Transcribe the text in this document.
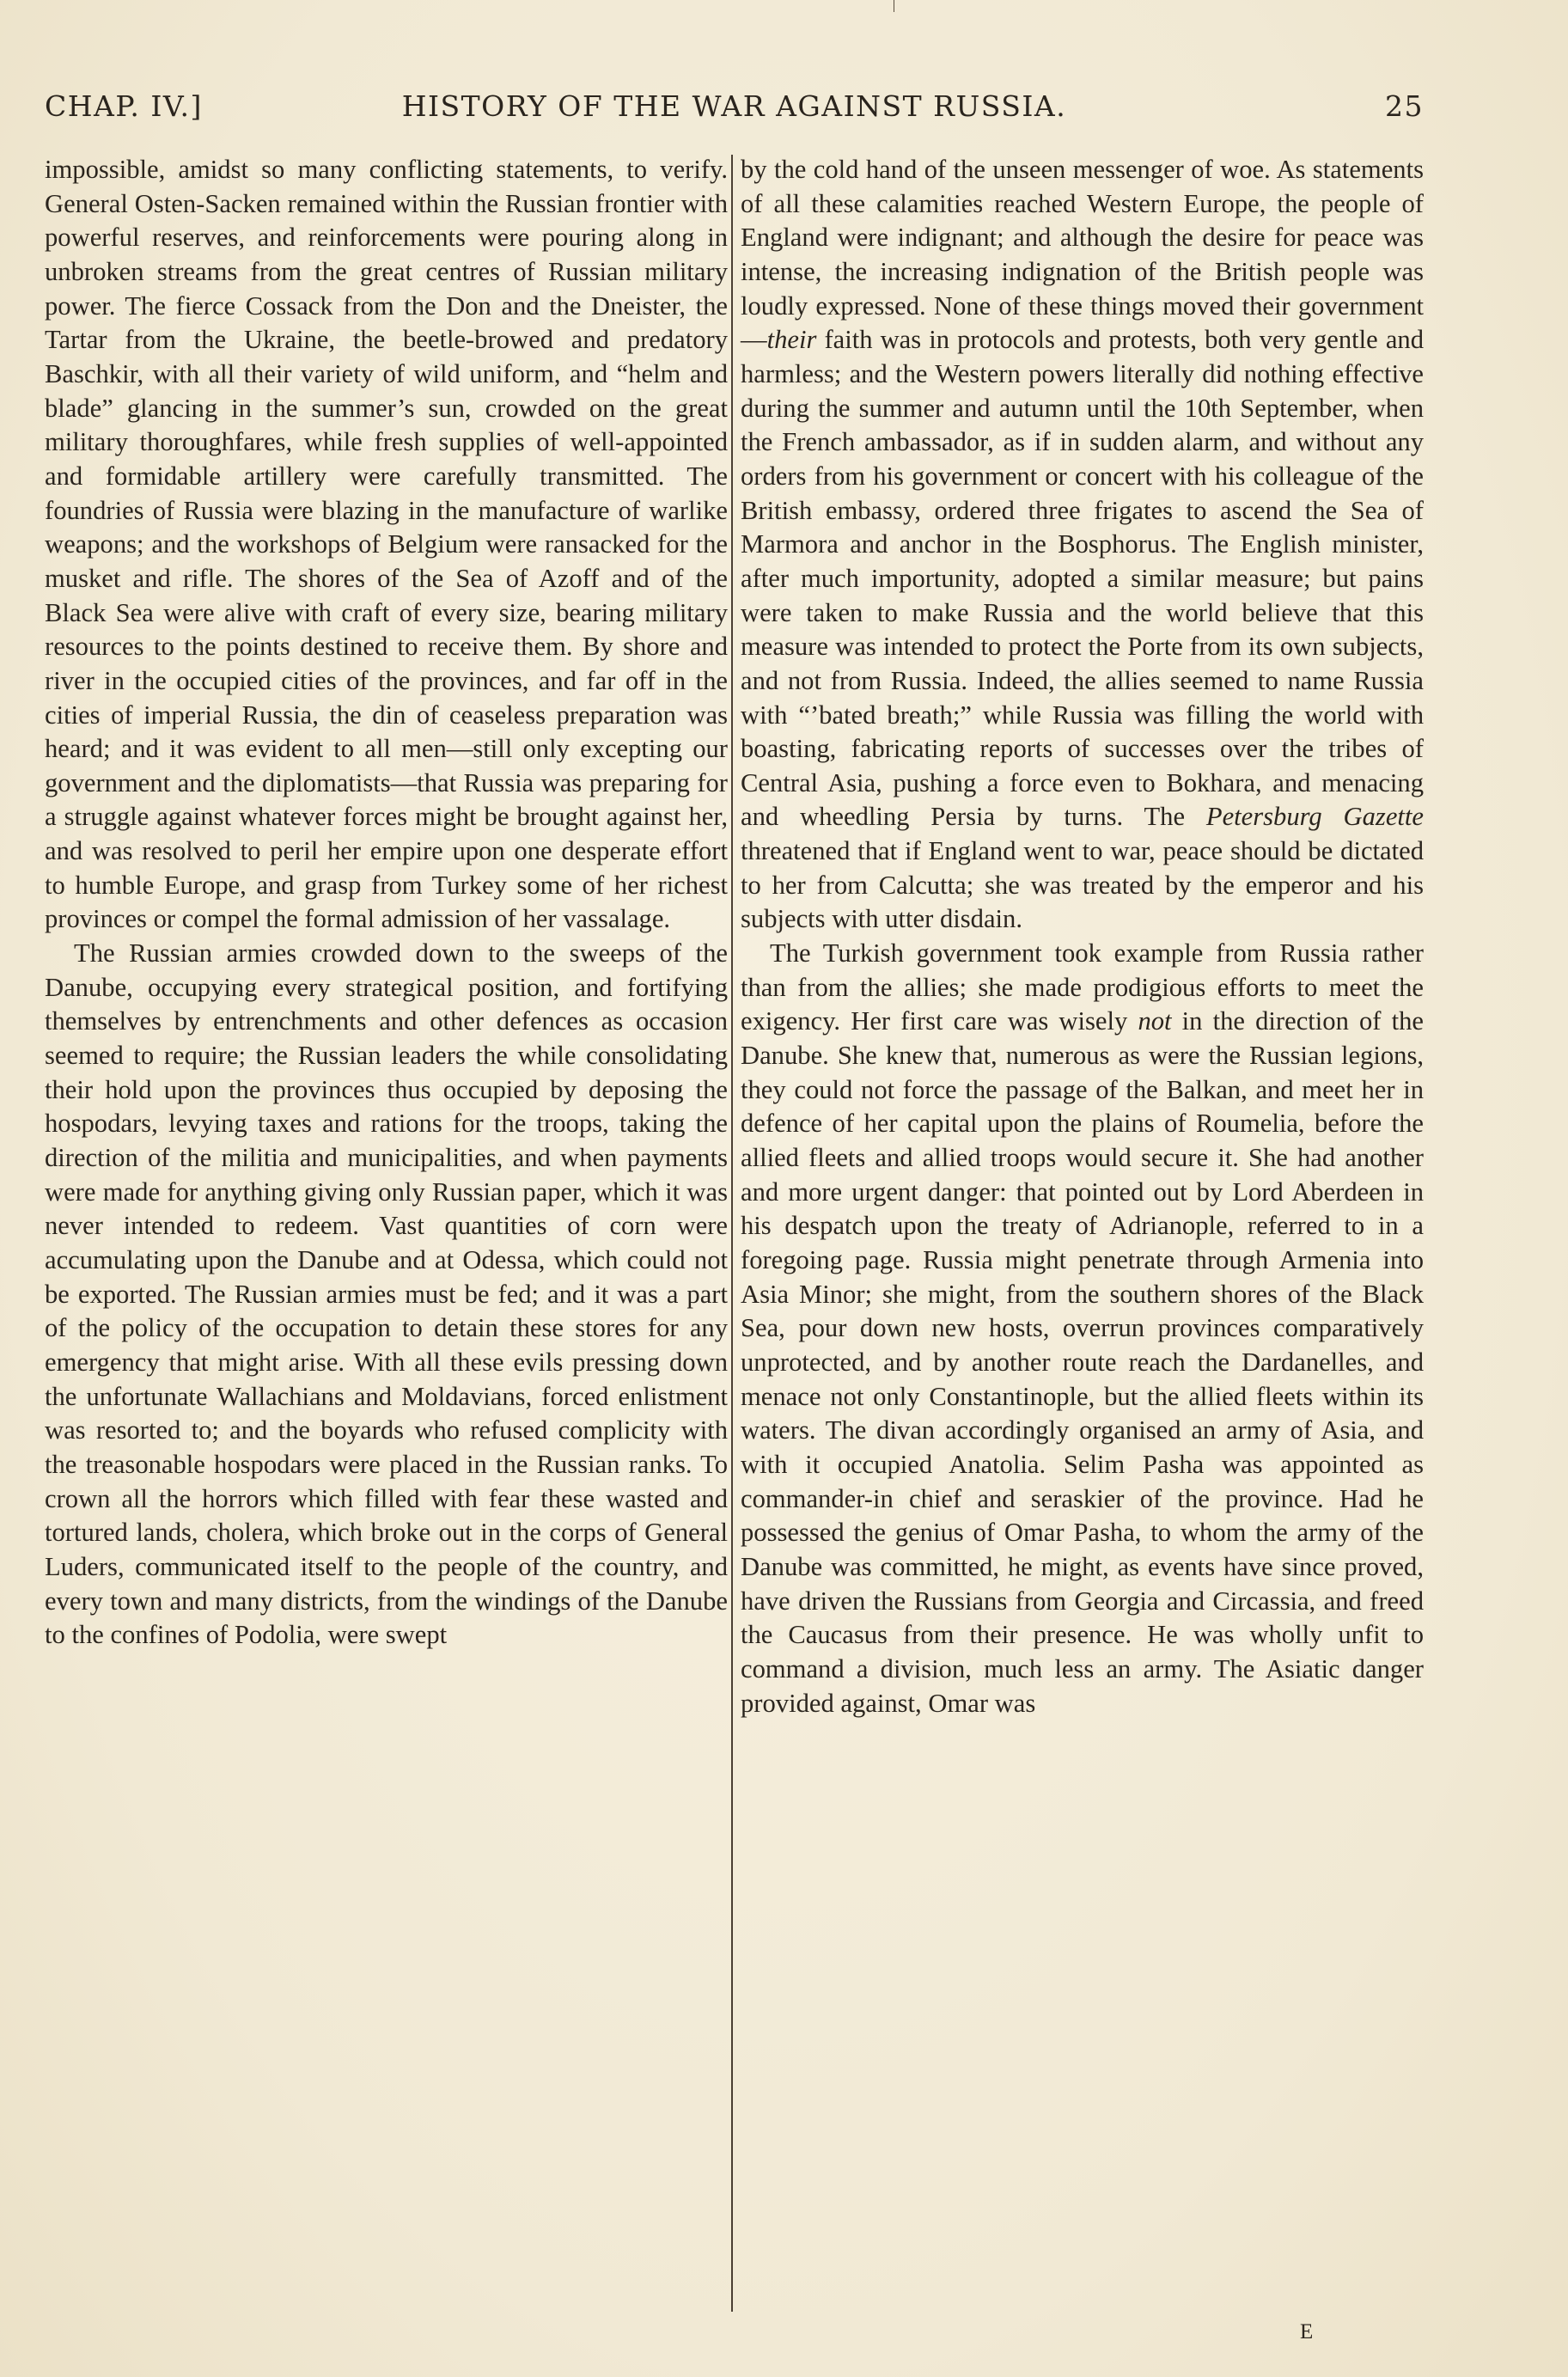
CHAP. IV.]	HISTORY OF THE WAR AGAINST RUSSIA.	25

impossible, amidst so many conflicting statements, to verify. General Osten-Sacken remained within the Russian frontier with powerful reserves, and reinforcements were pouring along in unbroken streams from the great centres of Russian military power. The fierce Cossack from the Don and the Dneister, the Tartar from the Ukraine, the beetle-browed and predatory Baschkir, with all their variety of wild uniform, and “helm and blade” glancing in the summer’s sun, crowded on the great military thoroughfares, while fresh supplies of well-appointed and formidable artillery were carefully transmitted. The foundries of Russia were blazing in the manufacture of warlike weapons; and the workshops of Belgium were ransacked for the musket and rifle. The shores of the Sea of Azoff and of the Black Sea were alive with craft of every size, bearing military resources to the points destined to receive them. By shore and river in the occupied cities of the provinces, and far off in the cities of imperial Russia, the din of ceaseless preparation was heard; and it was evident to all men—still only excepting our government and the diplomatists—that Russia was preparing for a struggle against whatever forces might be brought against her, and was resolved to peril her empire upon one desperate effort to humble Europe, and grasp from Turkey some of her richest provinces or compel the formal admission of her vassalage.

The Russian armies crowded down to the sweeps of the Danube, occupying every strategical position, and fortifying themselves by entrenchments and other defences as occasion seemed to require; the Russian leaders the while consolidating their hold upon the provinces thus occupied by deposing the hospodars, levying taxes and rations for the troops, taking the direction of the militia and municipalities, and when payments were made for anything giving only Russian paper, which it was never intended to redeem. Vast quantities of corn were accumulating upon the Danube and at Odessa, which could not be exported. The Russian armies must be fed; and it was a part of the policy of the occupation to detain these stores for any emergency that might arise. With all these evils pressing down the unfortunate Wallachians and Moldavians, forced enlistment was resorted to; and the boyards who refused complicity with the treasonable hospodars were placed in the Russian ranks. To crown all the horrors which filled with fear these wasted and tortured lands, cholera, which broke out in the corps of General Luders, communicated itself to the people of the country, and every town and many districts, from the windings of the Danube to the confines of Podolia, were swept

by the cold hand of the unseen messenger of woe. As statements of all these calamities reached Western Europe, the people of England were indignant; and although the desire for peace was intense, the increasing indignation of the British people was loudly expressed. None of these things moved their government—their faith was in protocols and protests, both very gentle and harmless; and the Western powers literally did nothing effective during the summer and autumn until the 10th September, when the French ambassador, as if in sudden alarm, and without any orders from his government or concert with his colleague of the British embassy, ordered three frigates to ascend the Sea of Marmora and anchor in the Bosphorus. The English minister, after much importunity, adopted a similar measure; but pains were taken to make Russia and the world believe that this measure was intended to protect the Porte from its own subjects, and not from Russia. Indeed, the allies seemed to name Russia with “’bated breath;” while Russia was filling the world with boasting, fabricating reports of successes over the tribes of Central Asia, pushing a force even to Bokhara, and menacing and wheedling Persia by turns. The Petersburg Gazette threatened that if England went to war, peace should be dictated to her from Calcutta; she was treated by the emperor and his subjects with utter disdain.

The Turkish government took example from Russia rather than from the allies; she made prodigious efforts to meet the exigency. Her first care was wisely not in the direction of the Danube. She knew that, numerous as were the Russian legions, they could not force the passage of the Balkan, and meet her in defence of her capital upon the plains of Roumelia, before the allied fleets and allied troops would secure it. She had another and more urgent danger: that pointed out by Lord Aberdeen in his despatch upon the treaty of Adrianople, referred to in a foregoing page. Russia might penetrate through Armenia into Asia Minor; she might, from the southern shores of the Black Sea, pour down new hosts, overrun provinces comparatively unprotected, and by another route reach the Dardanelles, and menace not only Constantinople, but the allied fleets within its waters. The divan accordingly organised an army of Asia, and with it occupied Anatolia. Selim Pasha was appointed as commander-in chief and seraskier of the province. Had he possessed the genius of Omar Pasha, to whom the army of the Danube was committed, he might, as events have since proved, have driven the Russians from Georgia and Circassia, and freed the Caucasus from their presence. He was wholly unfit to command a division, much less an army. The Asiatic danger provided against, Omar was

E
